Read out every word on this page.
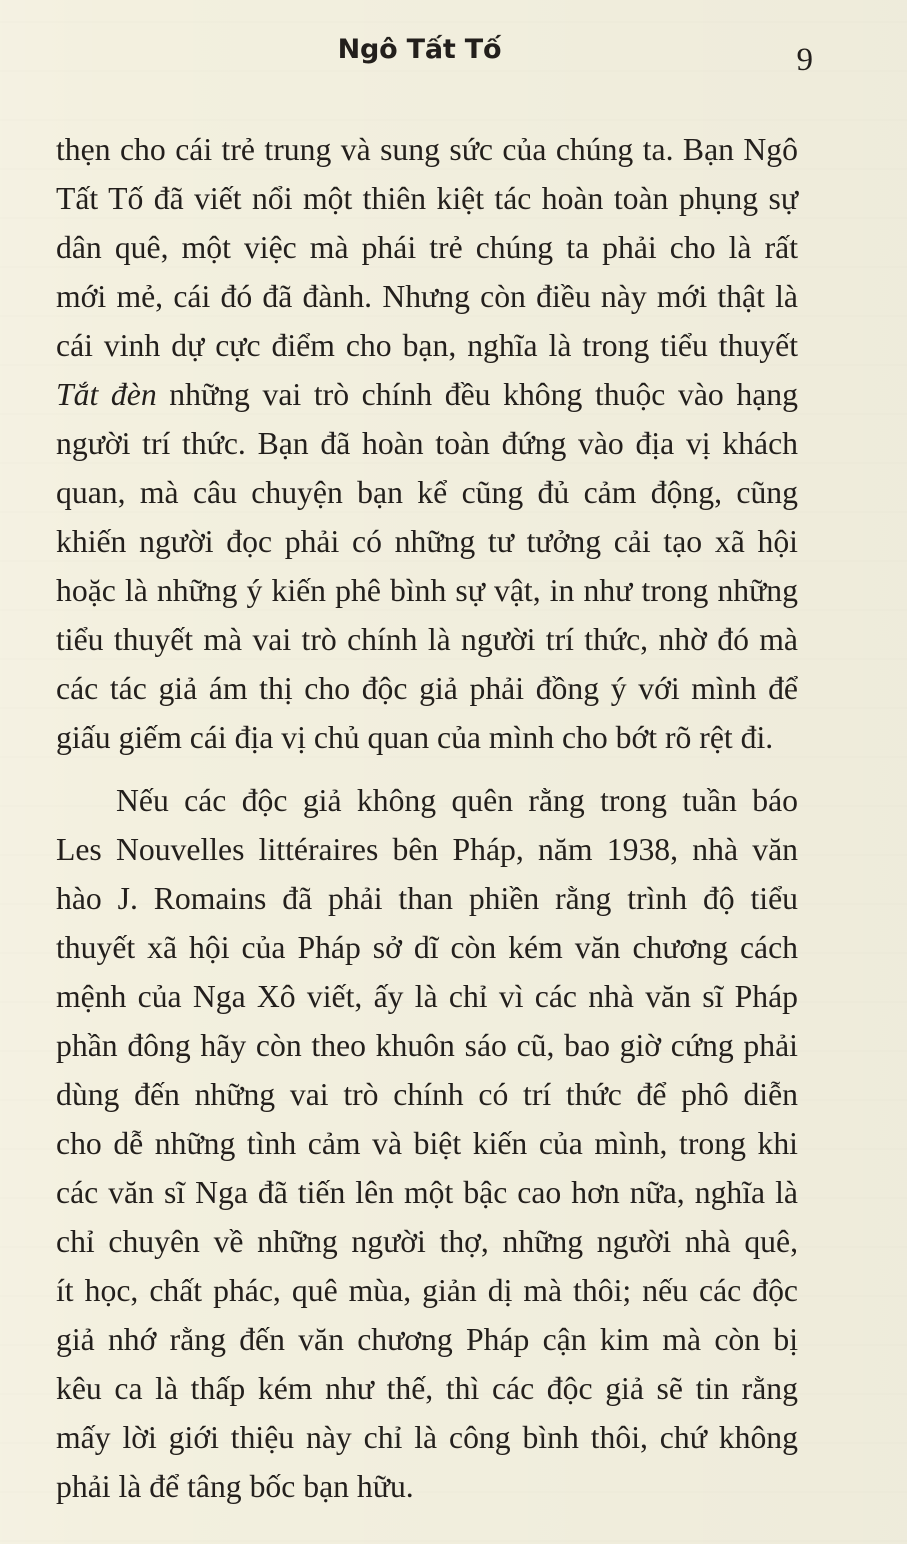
Ngô Tất Tố	9
thẹn cho cái trẻ trung và sung sức của chúng ta. Bạn Ngô
Tất Tố đã viết nổi một thiên kiệt tác hoàn toàn phụng sự
dân quê, một việc mà phái trẻ chúng ta phải cho là rất
mới mẻ, cái đó đã đành. Nhưng còn điều này mới thật là
cái vinh dự cực điểm cho bạn, nghĩa là trong tiểu thuyết
Tắt đèn những vai trò chính đều không thuộc vào hạng
người trí thức. Bạn đã hoàn toàn đứng vào địa vị khách
quan, mà câu chuyện bạn kể cũng đủ cảm động, cũng
khiến người đọc phải có những tư tưởng cải tạo xã hội
hoặc là những ý kiến phê bình sự vật, in như trong những
tiểu thuyết mà vai trò chính là người trí thức, nhờ đó mà
các tác giả ám thị cho độc giả phải đồng ý với mình để
giấu giếm cái địa vị chủ quan của mình cho bớt rõ rệt đi.
Nếu các độc giả không quên rằng trong tuần báo
Les Nouvelles littéraires bên Pháp, năm 1938, nhà văn
hào J. Romains đã phải than phiền rằng trình độ tiểu
thuyết xã hội của Pháp sở dĩ còn kém văn chương cách
mệnh của Nga Xô viết, ấy là chỉ vì các nhà văn sĩ Pháp
phần đông hãy còn theo khuôn sáo cũ, bao giờ cứng phải
dùng đến những vai trò chính có trí thức để phô diễn
cho dễ những tình cảm và biệt kiến của mình, trong khi
các văn sĩ Nga đã tiến lên một bậc cao hơn nữa, nghĩa là
chỉ chuyên về những người thợ, những người nhà quê,
ít học, chất phác, quê mùa, giản dị mà thôi; nếu các độc
giả nhớ rằng đến văn chương Pháp cận kim mà còn bị
kêu ca là thấp kém như thế, thì các độc giả sẽ tin rằng
mấy lời giới thiệu này chỉ là công bình thôi, chứ không
phải là để tâng bốc bạn hữu.
